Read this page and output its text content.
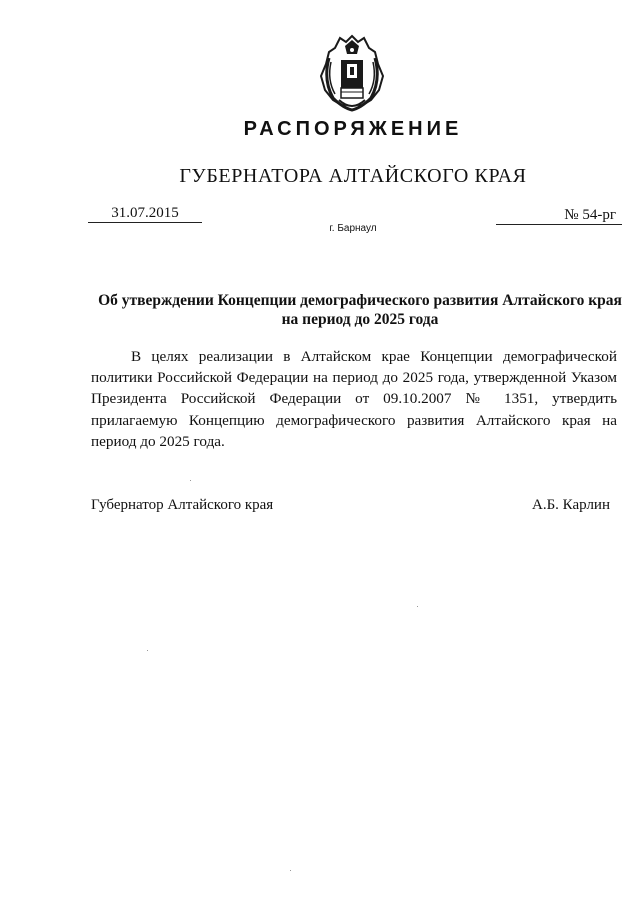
РАСПОРЯЖЕНИЕ
ГУБЕРНАТОРА АЛТАЙСКОГО КРАЯ
31.07.2015	№ 54-рг
г. Барнаул
Об утверждении Концепции демографического развития Алтайского края на период до 2025 года

В целях реализации в Алтайском крае Концепции демографической политики Российской Федерации на период до 2025 года, утвержденной Указом Президента Российской Федерации от 09.10.2007 № 1351, утвердить прилагаемую Концепцию демографического развития Алтайского края на период до 2025 года.

Губернатор Алтайского края	А.Б. Карлин
